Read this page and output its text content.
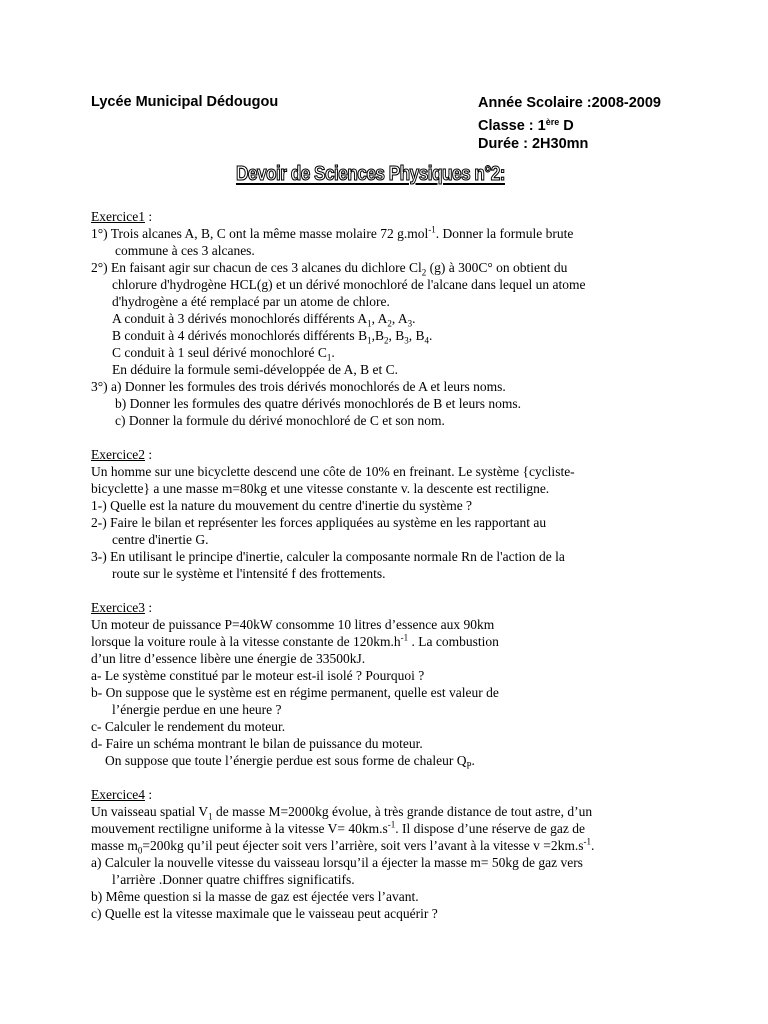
Lycée Municipal Dédougou	Année Scolaire :2008-2009
Classe : 1ère D
Durée : 2H30mn
Devoir de Sciences Physiques n°2:
Exercice1 :
1°) Trois alcanes A, B, C ont la même masse molaire 72 g.mol$^{-1}$. Donner la formule brute
commune à ces 3 alcanes.
2°) En faisant agir sur chacun de ces 3 alcanes du dichlore $Cl_2$ (g) à 300C° on obtient du
chlorure d'hydrogène HCL(g) et un dérivé monochloré de l'alcane dans lequel un atome
d'hydrogène a été remplacé par un atome de chlore.
A conduit à 3 dérivés monochlorés différents $A_1$, $A_2$, $A_3$.
B conduit à 4 dérivés monochlorés différents $B_1,B_2$, $B_3$, $B_4$.
C conduit à 1 seul dérivé monochloré $C_1$.
En déduire la formule semi-développée de A, B et C.
3°) a) Donner les formules des trois dérivés monochlorés de A et leurs noms.
b) Donner les formules des quatre dérivés monochlorés de B et leurs noms.
c) Donner la formule du dérivé monochloré de C et son nom.
Exercice2 :
Un homme sur une bicyclette descend une côte de 10% en freinant. Le système {cycliste-
bicyclette} a une masse m=80kg et une vitesse constante v. la descente est rectiligne.
1-) Quelle est la nature du mouvement du centre d'inertie du système ?
2-) Faire le bilan et représenter les forces appliquées au système en les rapportant au
centre d'inertie G.
3-) En utilisant le principe d'inertie, calculer la composante normale Rn de l'action de la
route sur le système et l'intensité f des frottements.
Exercice3 :
Un moteur de puissance P=40kW consomme 10 litres d’essence aux 90km
lorsque la voiture roule à la vitesse constante de $120km.h^{-1}$ . La combustion
d’un litre d’essence libère une énergie de 33500kJ.
a- Le système constitué par le moteur est-il isolé ? Pourquoi ?
b- On suppose que le système est en régime permanent, quelle est valeur de
l’énergie perdue en une heure ?
c- Calculer le rendement du moteur.
d- Faire un schéma montrant le bilan de puissance du moteur.
On suppose que toute l’énergie perdue est sous forme de chaleur $Q_P$.
Exercice4 :
Un vaisseau spatial $V_1$ de masse M=2000kg évolue, à très grande distance de tout astre, d’un
mouvement rectiligne uniforme à la vitesse $V= 40km.s^{-1}$. Il dispose d’une réserve de gaz de
masse $m_0=200kg$ qu’il peut éjecter soit vers l’arrière, soit vers l’avant à la vitesse $v =2km.s^{-1}$.
a) Calculer la nouvelle vitesse du vaisseau lorsqu’il a éjecter la masse m= 50kg de gaz vers
l’arrière .Donner quatre chiffres significatifs.
b) Même question si la masse de gaz est éjectée vers l’avant.
c) Quelle est la vitesse maximale que le vaisseau peut acquérir ?
